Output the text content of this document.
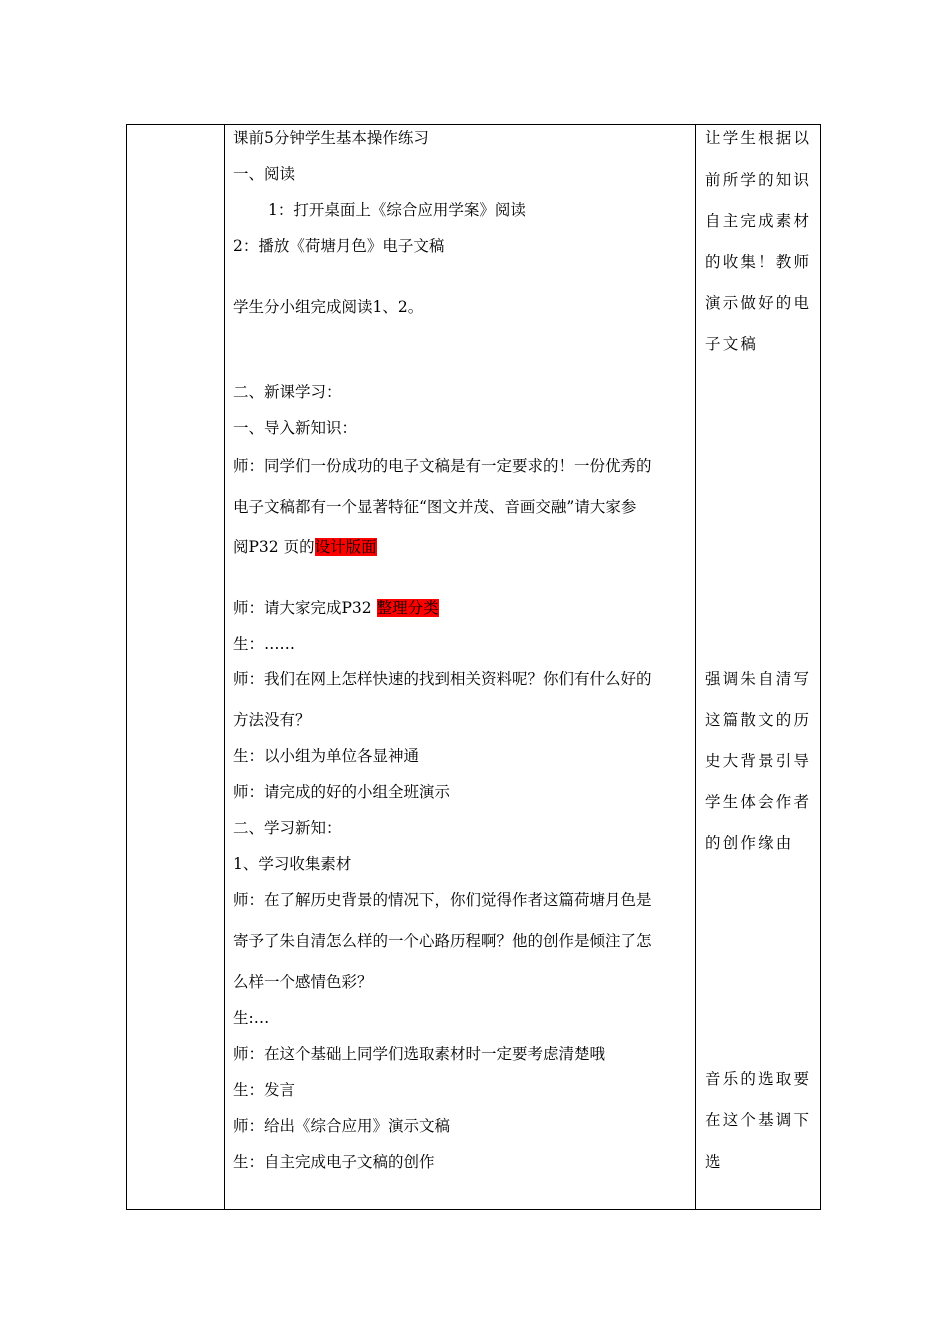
课前5分钟学生基本操作练习
一、阅读
1：打开桌面上《综合应用学案》阅读
2：播放《荷塘月色》电子文稿
学生分小组完成阅读1、2。
二、新课学习：
一、导入新知识：
师：同学们一份成功的电子文稿是有一定要求的！一份优秀的
电子文稿都有一个显著特征“图文并茂、音画交融”请大家参
阅P32 页的设计版面
师：请大家完成P32 整理分类
生：……
师：我们在网上怎样快速的找到相关资料呢？你们有什么好的
方法没有？
生：以小组为单位各显神通
师：请完成的好的小组全班演示
二、学习新知：
1、学习收集素材
师：在了解历史背景的情况下，你们觉得作者这篇荷塘月色是
寄予了朱自清怎么样的一个心路历程啊？他的创作是倾注了怎
么样一个感情色彩？
生:…
师：在这个基础上同学们选取素材时一定要考虑清楚哦
生：发言
师：给出《综合应用》演示文稿
生：自主完成电子文稿的创作
让学生根据以
前所学的知识
自主完成素材
的收集！教师
演示做好的电
子文稿
强调朱自清写
这篇散文的历
史大背景引导
学生体会作者
的创作缘由
音乐的选取要
在这个基调下
选
